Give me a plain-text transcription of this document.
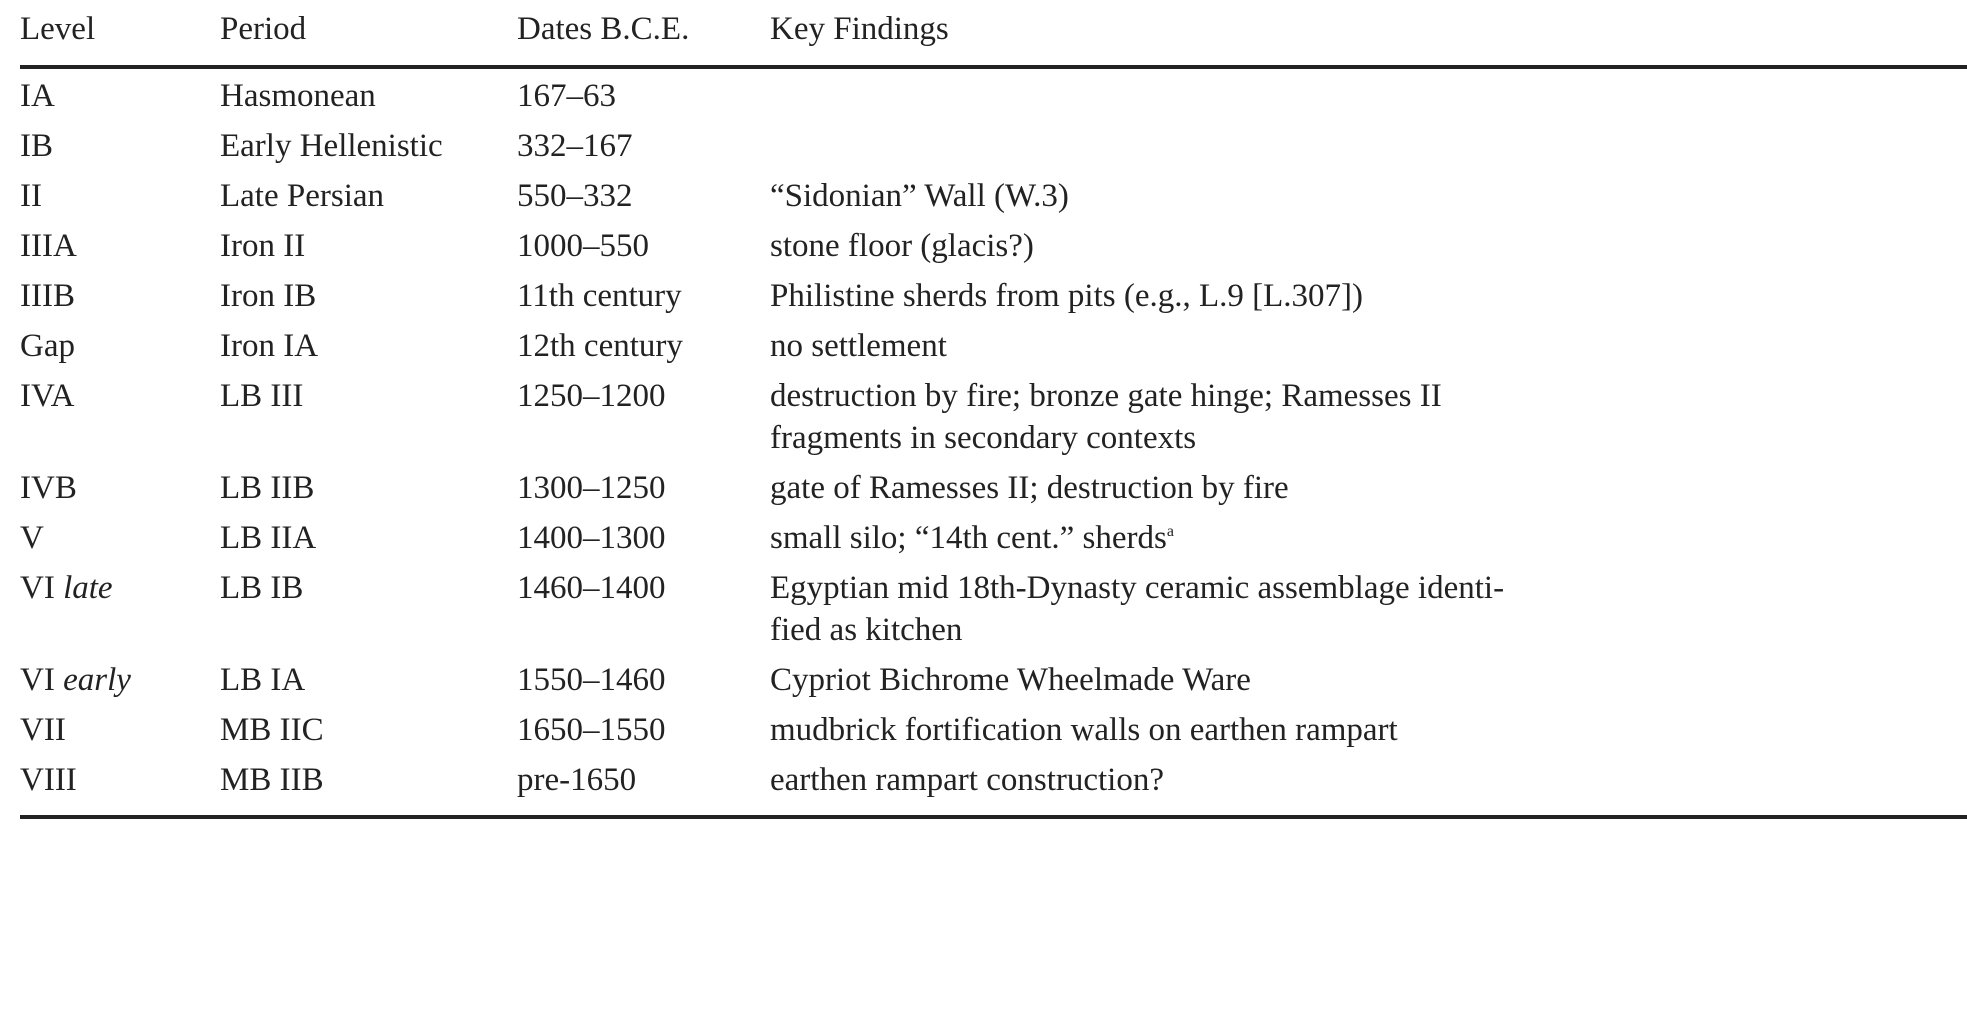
Level	Period	Dates B.C.E.	Key Findings
IA	Hasmonean	167–63	

IB	Early Hellenistic	332–167	

II	Late Persian	550–332	“Sidonian” Wall (W.3)

IIIA	Iron II	1000–550	stone floor (glacis?)

IIIB	Iron IB	11th century	Philistine sherds from pits (e.g., L.9 [L.307])

Gap	Iron IA	12th century	no settlement

IVA	LB III	1250–1200	destruction by fire; bronze gate hinge; Ramesses II fragments in secondary contexts

IVB	LB IIB	1300–1250	gate of Ramesses II; destruction by fire

V	LB IIA	1400–1300	small silo; “14th cent.” sherds$^a$

VI late	LB IB	1460–1400	Egyptian mid 18th-Dynasty ceramic assemblage identified as kitchen

VI early	LB IA	1550–1460	Cypriot Bichrome Wheelmade Ware

VII	MB IIC	1650–1550	mudbrick fortification walls on earthen rampart

VIII	MB IIB	pre-1650	earthen rampart construction?
